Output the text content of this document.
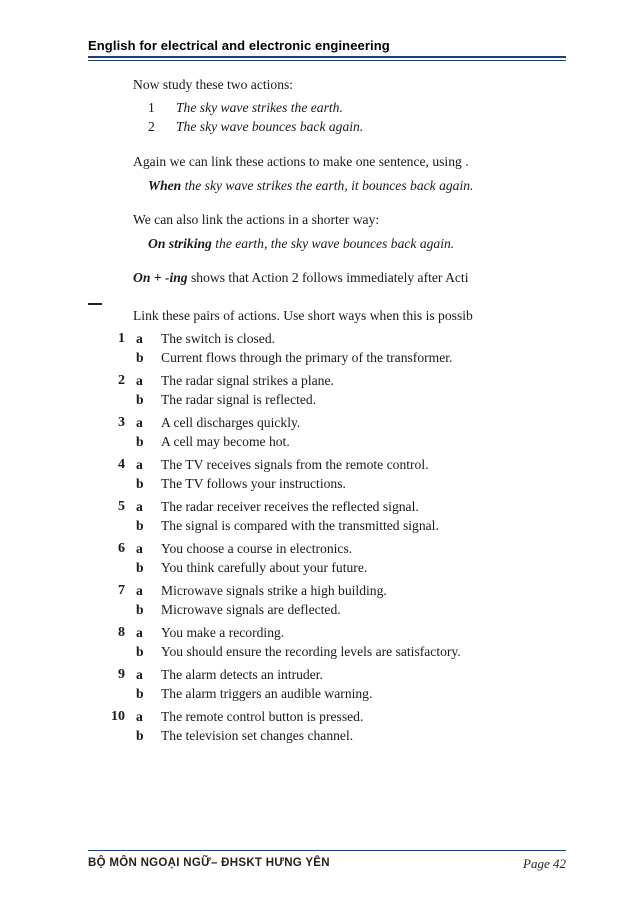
English for electrical and electronic engineering
Now study these two actions:
1 The sky wave strikes the earth.
2 The sky wave bounces back again.
Again we can link these actions to make one sentence, using .
When the sky wave strikes the earth, it bounces back again.
We can also link the actions in a shorter way:
On striking the earth, the sky wave bounces back again.
On + -ing shows that Action 2 follows immediately after Acti
Link these pairs of actions. Use short ways when this is possib
1 a The switch is closed.
b Current flows through the primary of the transformer.
2 a The radar signal strikes a plane.
b The radar signal is reflected.
3 a A cell discharges quickly.
b A cell may become hot.
4 a The TV receives signals from the remote control.
b The TV follows your instructions.
5 a The radar receiver receives the reflected signal.
b The signal is compared with the transmitted signal.
6 a You choose a course in electronics.
b You think carefully about your future.
7 a Microwave signals strike a high building.
b Microwave signals are deflected.
8 a You make a recording.
b You should ensure the recording levels are satisfactory.
9 a The alarm detects an intruder.
b The alarm triggers an audible warning.
10 a The remote control button is pressed.
b The television set changes channel.
BỘ MÔN NGOẠI NGỮ– ĐHSKT HƯNG YÊN	Page 42
